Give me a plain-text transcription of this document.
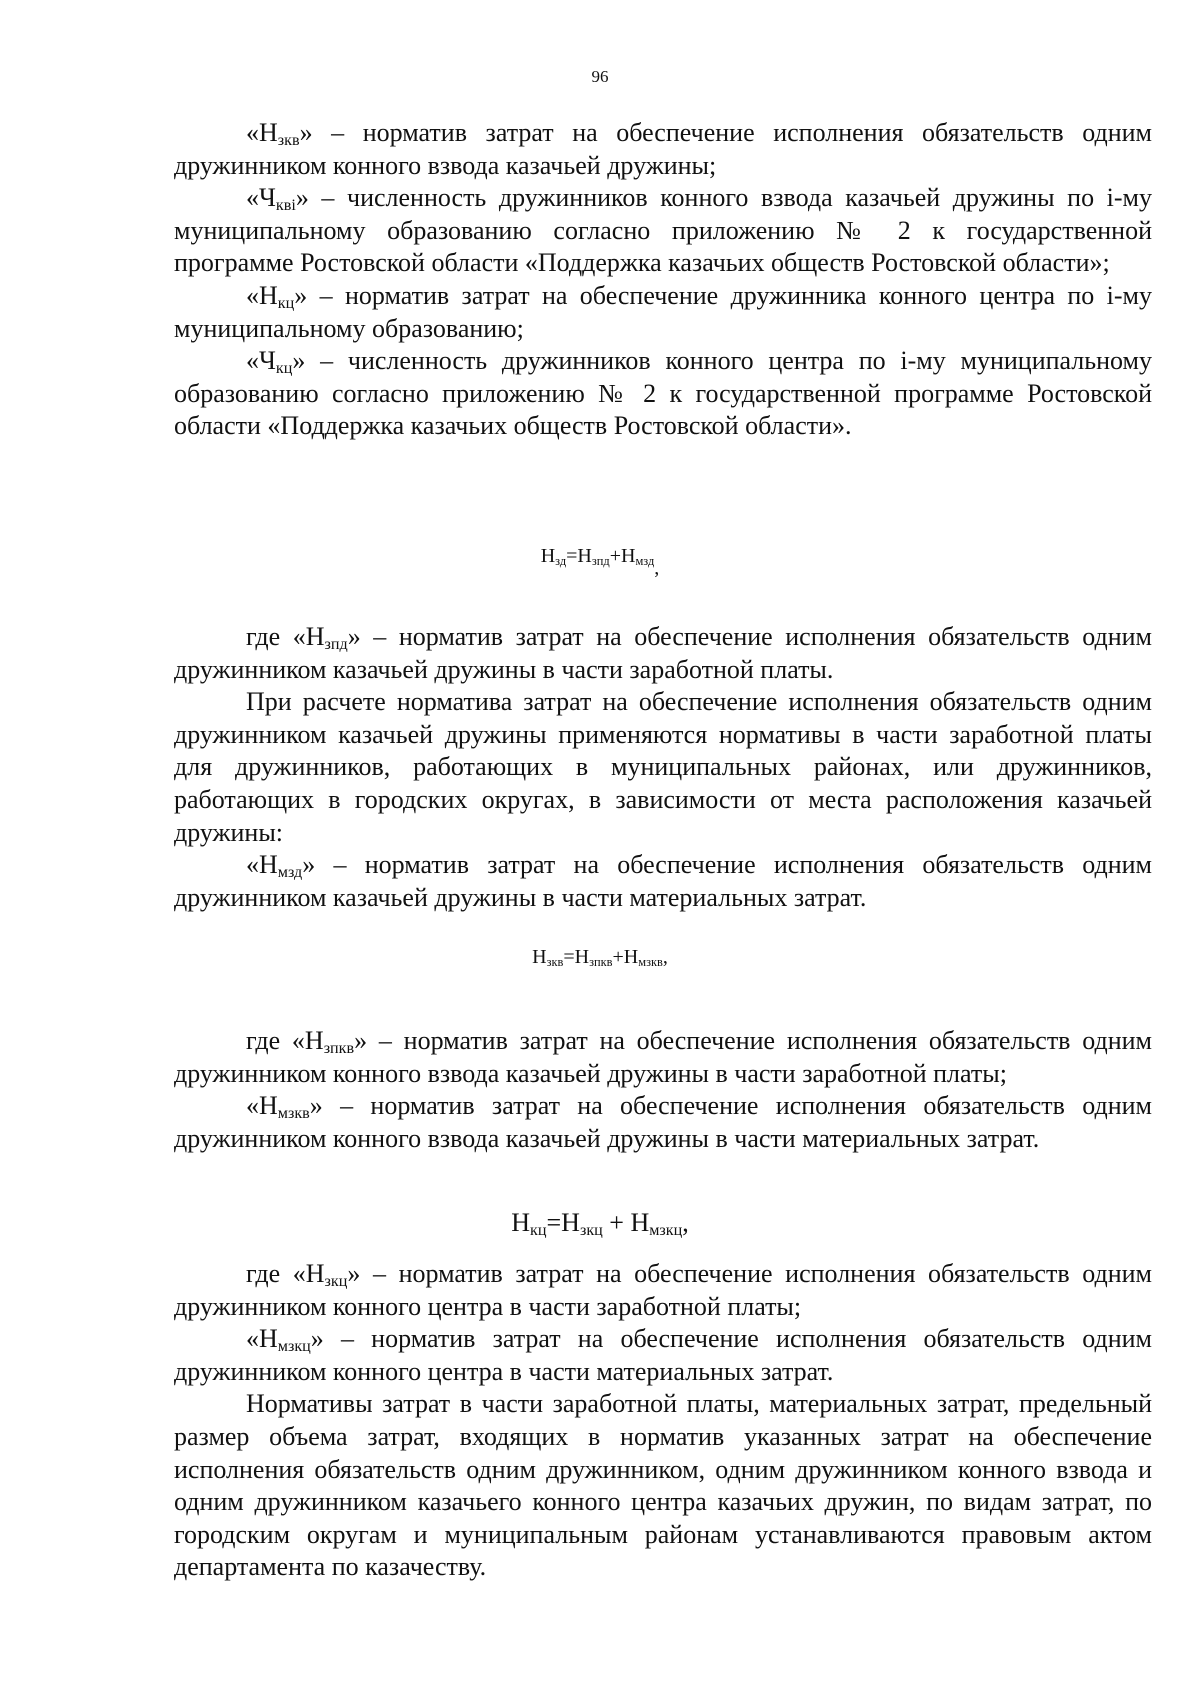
96

«$Н_{зкв}$» – норматив затрат на обеспечение исполнения обязательств одним дружинником конного взвода казачьей дружины;

«$Ч_{квi}$» – численность дружинников конного взвода казачьей дружины по i-му муниципальному образованию согласно приложению № 2 к государственной программе Ростовской области «Поддержка казачьих обществ Ростовской области»;

«$Н_{кц}$» – норматив затрат на обеспечение дружинника конного центра по i-му муниципальному образованию;

«$Ч_{кц}$» – численность дружинников конного центра по i-му муниципальному образованию согласно приложению № 2 к государственной программе Ростовской области «Поддержка казачьих обществ Ростовской области».

$Н_{зд}=Н_{зпд}+Н_{мзд}$,

где «$Н_{зпд}$» – норматив затрат на обеспечение исполнения обязательств одним дружинником казачьей дружины в части заработной платы.

При расчете норматива затрат на обеспечение исполнения обязательств одним дружинником казачьей дружины применяются нормативы в части заработной платы для дружинников, работающих в муниципальных районах, или дружинников, работающих в городских округах, в зависимости от места расположения казачьей дружины:

«$Н_{мзд}$» – норматив затрат на обеспечение исполнения обязательств одним дружинником казачьей дружины в части материальных затрат.

$Н_{зкв}=Н_{зпкв}+Н_{мзкв}$,

где «$Н_{зпкв}$» – норматив затрат на обеспечение исполнения обязательств одним дружинником конного взвода казачьей дружины в части заработной платы;

«$Н_{мзкв}$» – норматив затрат на обеспечение исполнения обязательств одним дружинником конного взвода казачьей дружины в части материальных затрат.

$Н_{кц}=Н_{зкц} + Н_{мзкц}$,

где «$Н_{зкц}$» – норматив затрат на обеспечение исполнения обязательств одним дружинником конного центра в части заработной платы;

«$Н_{мзкц}$» – норматив затрат на обеспечение исполнения обязательств одним дружинником конного центра в части материальных затрат.

Нормативы затрат в части заработной платы, материальных затрат, предельный размер объема затрат, входящих в норматив указанных затрат на обеспечение исполнения обязательств одним дружинником, одним дружинником конного взвода и одним дружинником казачьего конного центра казачьих дружин, по видам затрат, по городским округам и муниципальным районам устанавливаются правовым актом департамента по казачеству.
